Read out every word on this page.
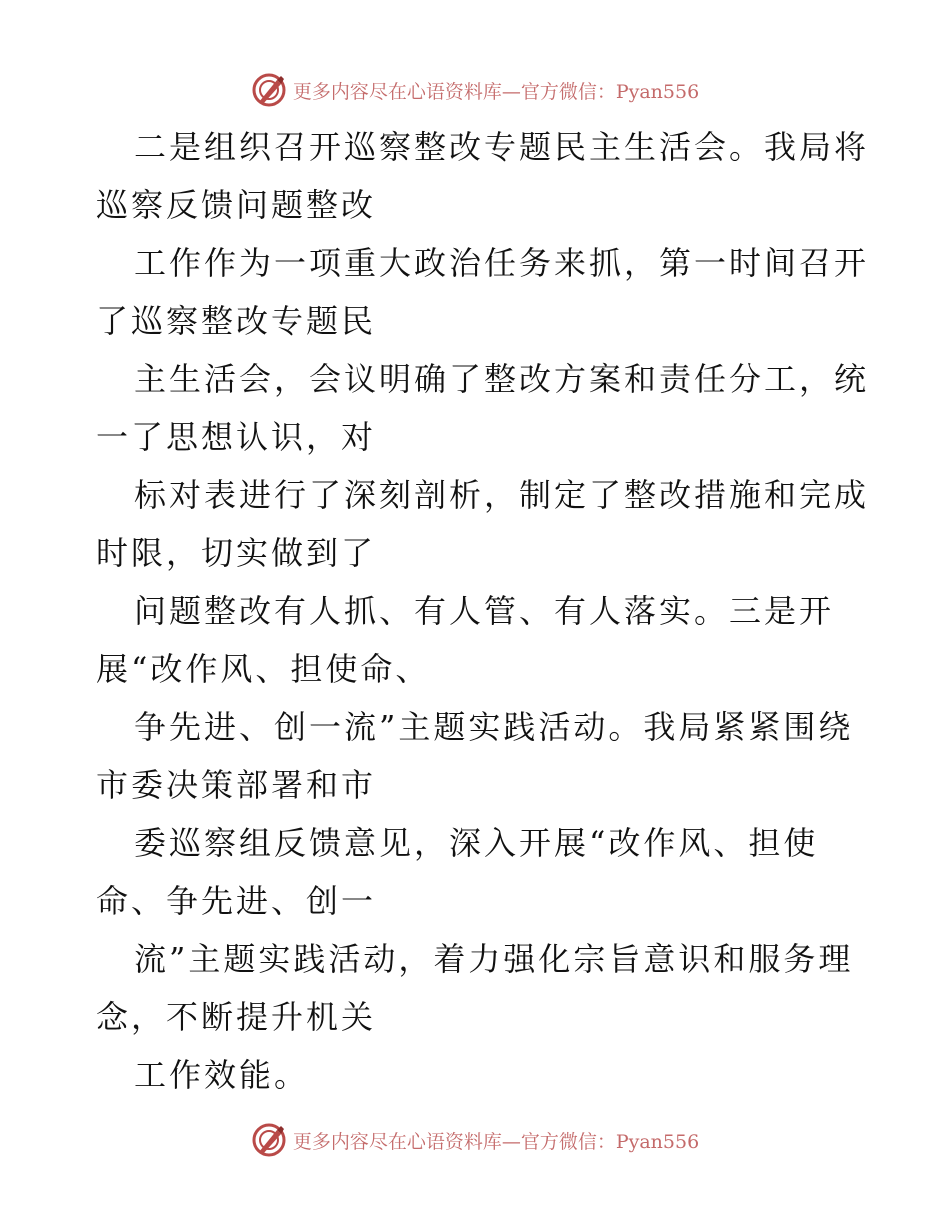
更多内容尽在心语资料库—官方微信：Pyan556
二是组织召开巡察整改专题民主生活会。我局将
巡察反馈问题整改
工作作为一项重大政治任务来抓，第一时间召开
了巡察整改专题民
主生活会，会议明确了整改方案和责任分工，统
一了思想认识，对
标对表进行了深刻剖析，制定了整改措施和完成
时限，切实做到了
问题整改有人抓、有人管、有人落实。三是开
展“改作风、担使命、
争先进、创一流”主题实践活动。我局紧紧围绕
市委决策部署和市
委巡察组反馈意见，深入开展“改作风、担使
命、争先进、创一
流”主题实践活动，着力强化宗旨意识和服务理
念，不断提升机关
工作效能。
更多内容尽在心语资料库—官方微信：Pyan556
